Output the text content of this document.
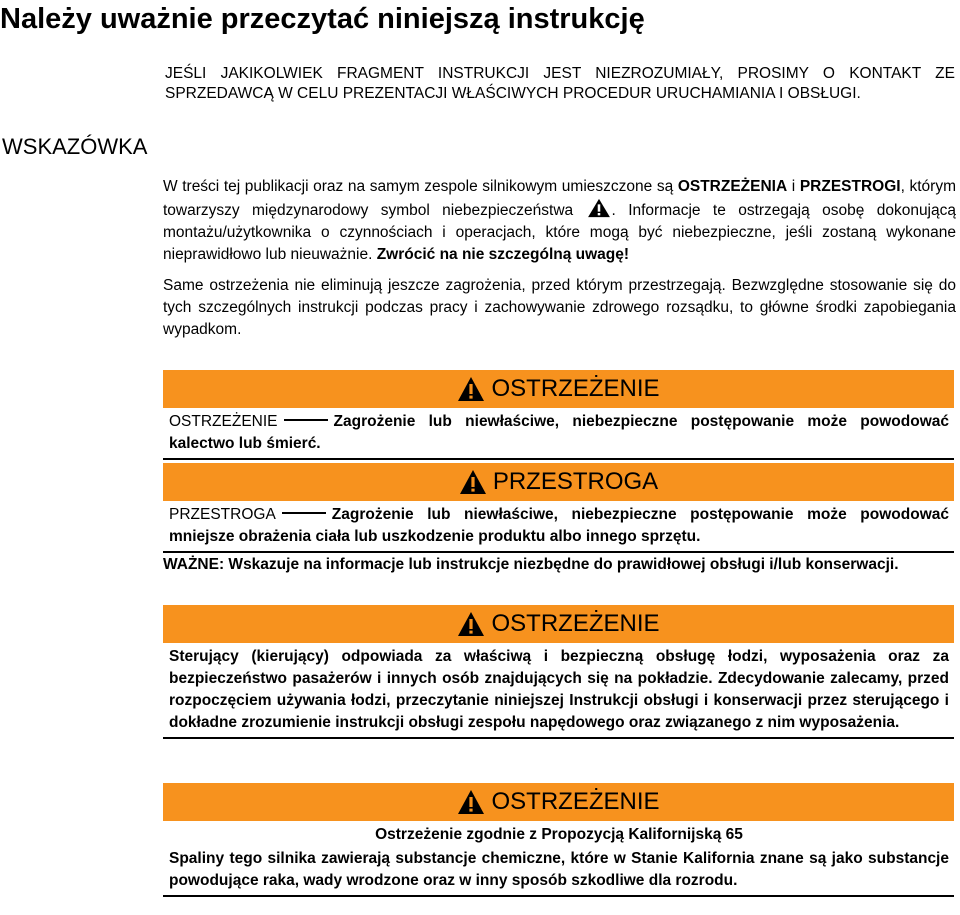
Należy uważnie przeczytać niniejszą instrukcję
WSKAZÓWKA
JEŚLI JAKIKOLWIEK FRAGMENT INSTRUKCJI JEST NIEZROZUMIAŁY, PROSIMY O KONTAKT ZE SPRZEDAWCĄ W CELU PREZENTACJI WŁAŚCIWYCH PROCEDUR URUCHAMIANIA I OBSŁUGI.

W treści tej publikacji oraz na samym zespole silnikowym umieszczone są OSTRZEŻENIA i PRZESTROGI, którym towarzyszy międzynarodowy symbol niebezpieczeństwa . Informacje te ostrzegają osobę dokonującą montażu/użytkownika o czynnościach i operacjach, które mogą być niebezpieczne, jeśli zostaną wykonane nieprawidłowo lub nieuważnie. Zwrócić na nie szczególną uwagę!

Same ostrzeżenia nie eliminują jeszcze zagrożenia, przed którym przestrzegają. Bezwzględne stosowanie się do tych szczególnych instrukcji podczas pracy i zachowywanie zdrowego rozsądku, to główne środki zapobiegania wypadkom.

OSTRZEŻENIE
OSTRZEŻENIE	Zagrożenie lub niewłaściwe, niebezpieczne postępowanie może powodować kalectwo lub śmierć.
PRZESTROGA
PRZESTROGA	Zagrożenie lub niewłaściwe, niebezpieczne postępowanie może powodować mniejsze obrażenia ciała lub uszkodzenie produktu albo innego sprzętu.
WAŻNE: Wskazuje na informacje lub instrukcje niezbędne do prawidłowej obsługi i/lub konserwacji.
OSTRZEŻENIE
Sterujący (kierujący) odpowiada za właściwą i bezpieczną obsługę łodzi, wyposażenia oraz za bezpieczeństwo pasażerów i innych osób znajdujących się na pokładzie. Zdecydowanie zalecamy, przed rozpoczęciem używania łodzi, przeczytanie niniejszej Instrukcji obsługi i konserwacji przez sterującego i dokładne zrozumienie instrukcji obsługi zespołu napędowego oraz związanego z nim wyposażenia.
OSTRZEŻENIE
Ostrzeżenie zgodnie z Propozycją Kalifornijską 65
Spaliny tego silnika zawierają substancje chemiczne, które w Stanie Kalifornia znane są jako substancje powodujące raka, wady wrodzone oraz w inny sposób szkodliwe dla rozrodu.
